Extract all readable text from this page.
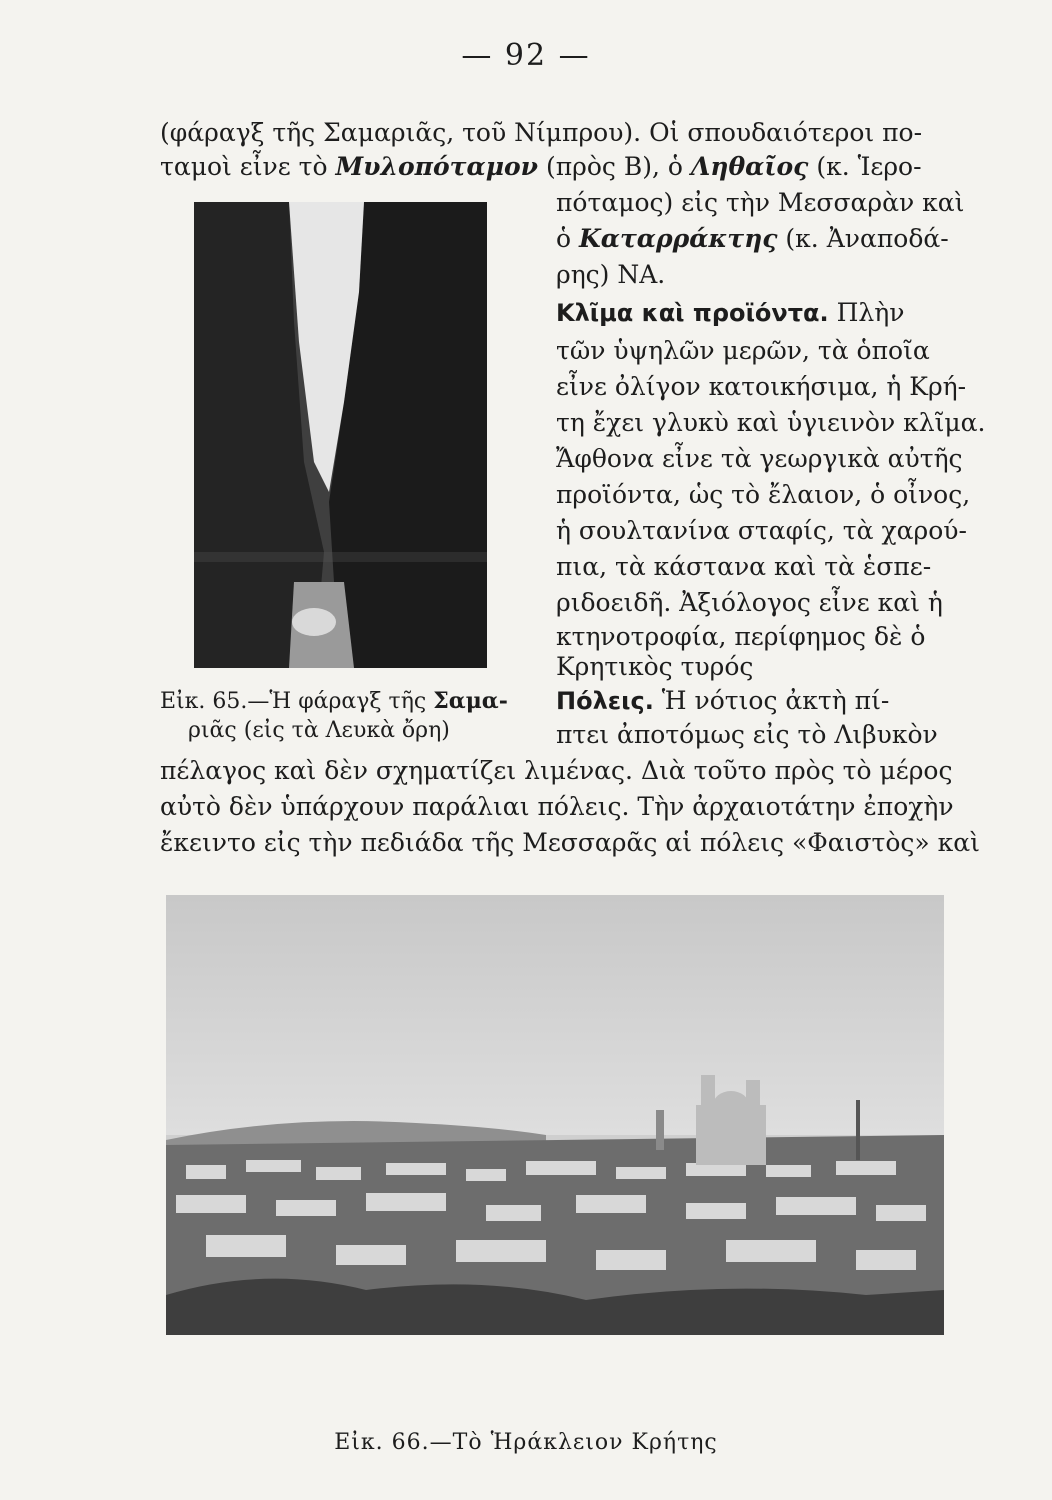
— 92 —
(φάραγξ τῆς Σαμαριᾶς, τοῦ Νίμπρου). Οἱ σπουδαιότεροι πο-
ταμοὶ εἶνε τὸ Μυλοπόταμον (πρὸς Β), ὁ Ληθαῖος (κ. Ἱερο-
πόταμος) εἰς τὴν Μεσσαρὰν καὶ
ὁ Καταρράκτης (κ. Ἀναποδά-
ρης) ΝΑ.
Κλῖμα καὶ προϊόντα. Πλὴν
τῶν ὑψηλῶν μερῶν, τὰ ὁποῖα
εἶνε ὀλίγον κατοικήσιμα, ἡ Κρή-
τη ἔχει γλυκὺ καὶ ὑγιεινὸν κλῖμα.
Ἄφθονα εἶνε τὰ γεωργικὰ αὐτῆς
προϊόντα, ὡς τὸ ἔλαιον, ὁ οἶνος,
ἡ σουλτανίνα σταφίς, τὰ χαρού-
πια, τὰ κάστανα καὶ τὰ ἑσπε-
ριδοειδῆ. Ἀξιόλογος εἶνε καὶ ἡ
κτηνοτροφία, περίφημος δὲ ὁ
Κρητικὸς τυρός
Εἰκ. 65.—Ἡ φάραγξ τῆς Σαμα-
ριᾶς (εἰς τὰ Λευκὰ ὄρη)
Πόλεις. Ἡ νότιος ἀκτὴ πί-
πτει ἀποτόμως εἰς τὸ Λιβυκὸν
πέλαγος καὶ δὲν σχηματίζει λιμένας. Διὰ τοῦτο πρὸς τὸ μέρος
αὐτὸ δὲν ὑπάρχουν παράλιαι πόλεις. Τὴν ἀρχαιοτάτην ἐποχὴν
ἔκειντο εἰς τὴν πεδιάδα τῆς Μεσσαρᾶς αἱ πόλεις «Φαιστὸς» καὶ
Εἰκ. 66.—Τὸ Ἡράκλειον Κρήτης
